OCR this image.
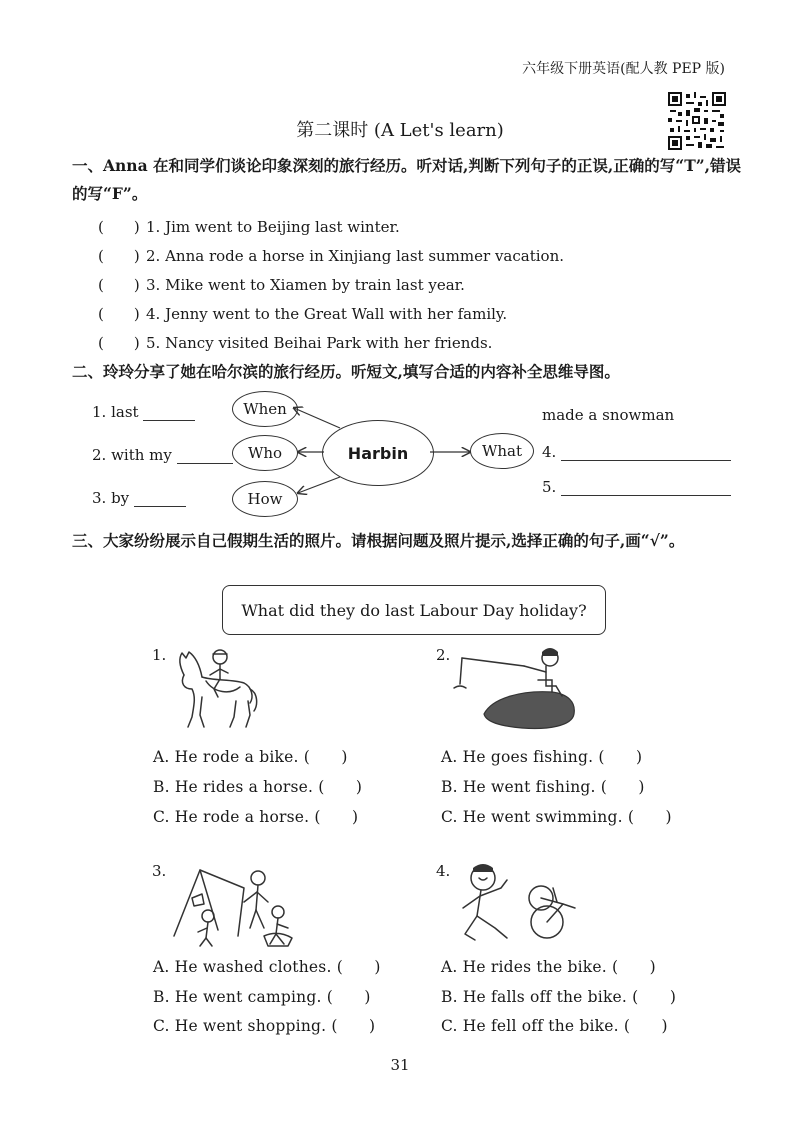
六年级下册英语(配人教 PEP 版)
第二课时 (A Let's learn)
一、Anna 在和同学们谈论印象深刻的旅行经历。听对话,判断下列句子的正误,正确的写“T”,错误的写“F”。
(　　) 1. Jim went to Beijing last winter.
(　　) 2. Anna rode a horse in Xinjiang last summer vacation.
(　　) 3. Mike went to Xiamen by train last year.
(　　) 4. Jenny went to the Great Wall with her family.
(　　) 5. Nancy visited Beihai Park with her friends.
二、玲玲分享了她在哈尔滨的旅行经历。听短文,填写合适的内容补全思维导图。
When
Who
How
Harbin	What
1. last
2. with my
3. by
made a snowman
4.
5.
三、大家纷纷展示自己假期生活的照片。请根据问题及照片提示,选择正确的句子,画“√”。
What did they do last Labour Day holiday?
1.
A. He rode a bike. (　　)
B. He rides a horse. (　　)
C. He rode a horse. (　　)
2.
A. He goes fishing. (　　)
B. He went fishing. (　　)
C. He went swimming. (　　)
3.
A. He washed clothes. (　　)
B. He went camping. (　　)
C. He went shopping. (　　)
4.
A. He rides the bike. (　　)
B. He falls off the bike. (　　)
C. He fell off the bike. (　　)
31
